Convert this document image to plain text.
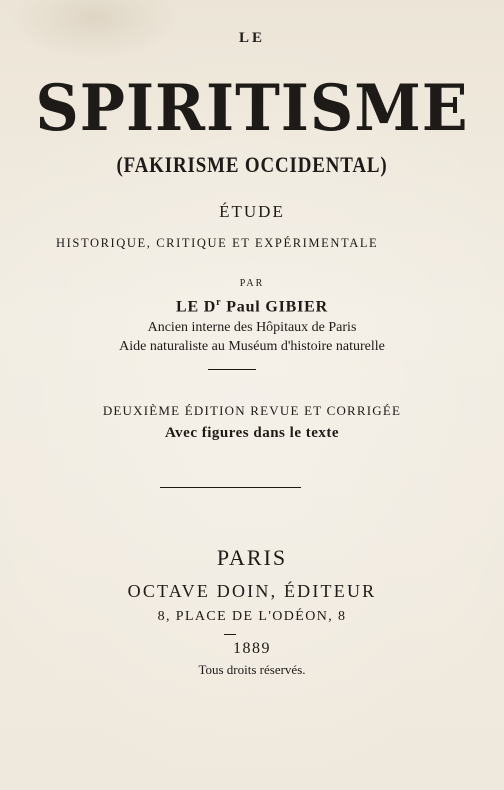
LE
SPIRITISME
(FAKIRISME OCCIDENTAL)
ÉTUDE
HISTORIQUE, CRITIQUE ET EXPÉRIMENTALE
PAR
LE $D^r$ Paul GIBIER
Ancien interne des Hôpitaux de Paris
Aide naturaliste au Muséum d'histoire naturelle
DEUXIÈME ÉDITION REVUE ET CORRIGÉE
Avec figures dans le texte
PARIS
OCTAVE DOIN, ÉDITEUR
8, PLACE DE L'ODÉON, 8
1889
Tous droits réservés.
